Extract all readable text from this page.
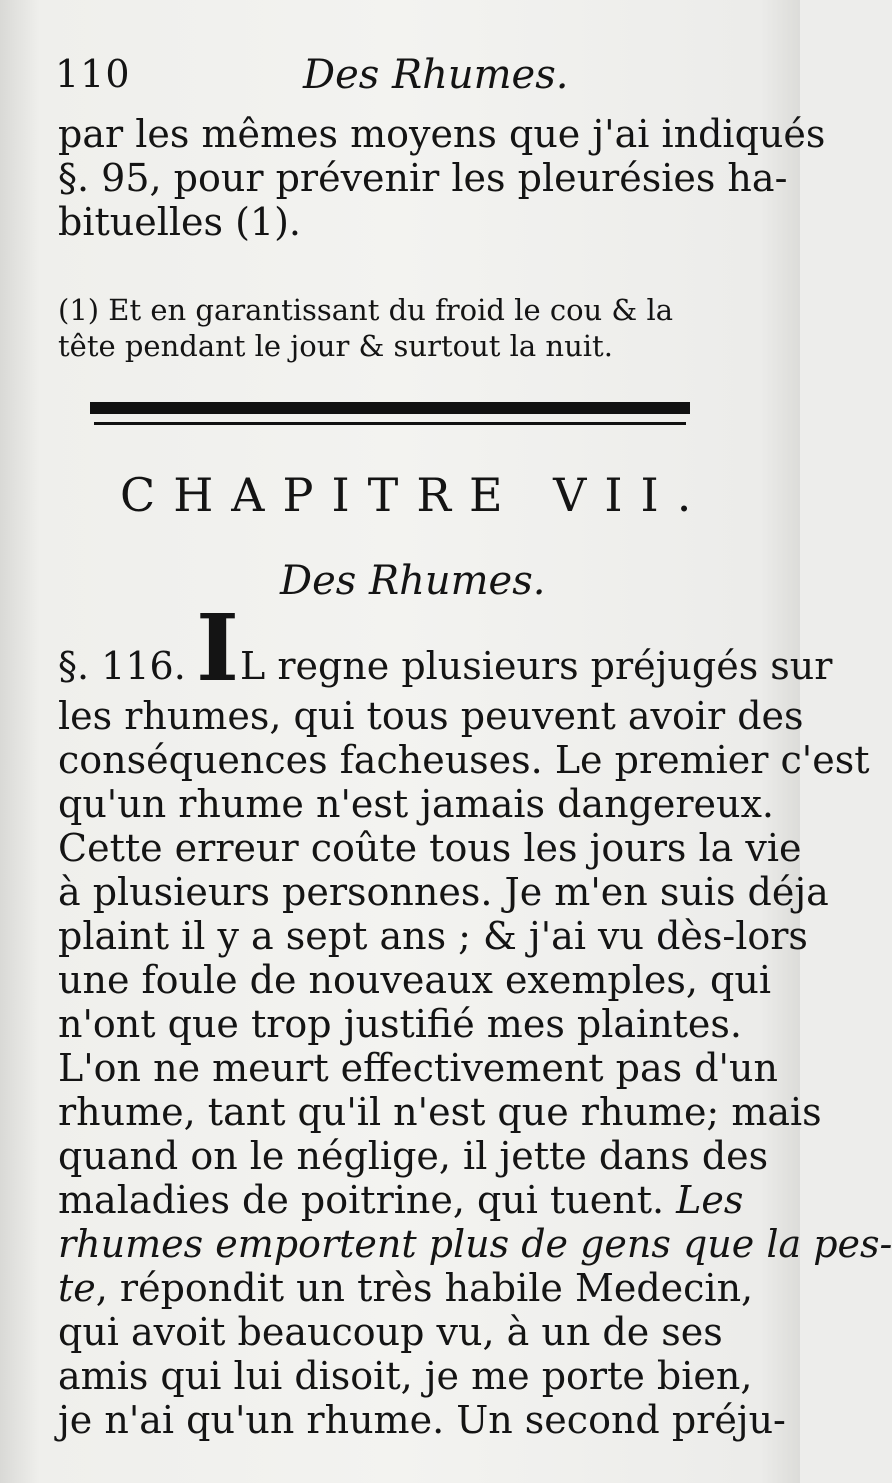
110	Des Rhumes.
par les mêmes moyens que j'ai indiqués
§. 95, pour prévenir les pleurésies ha-
bituelles (1).
(1) Et en garantissant du froid le cou & la
tête pendant le jour & surtout la nuit.
CHAPITRE VII.
Des Rhumes.
§. 116. I L regne plusieurs préjugés sur
les rhumes, qui tous peuvent avoir des
conséquences facheuses. Le premier c'est
qu'un rhume n'est jamais dangereux.
Cette erreur coûte tous les jours la vie
à plusieurs personnes. Je m'en suis déja
plaint il y a sept ans ; & j'ai vu dès-lors
une foule de nouveaux exemples, qui
n'ont que trop justifié mes plaintes.
L'on ne meurt effectivement pas d'un
rhume, tant qu'il n'est que rhume; mais
quand on le néglige, il jette dans des
maladies de poitrine, qui tuent. Les
rhumes emportent plus de gens que la pes-
te, répondit un très habile Medecin,
qui avoit beaucoup vu, à un de ses
amis qui lui disoit, je me porte bien,
je n'ai qu'un rhume. Un second préju-
